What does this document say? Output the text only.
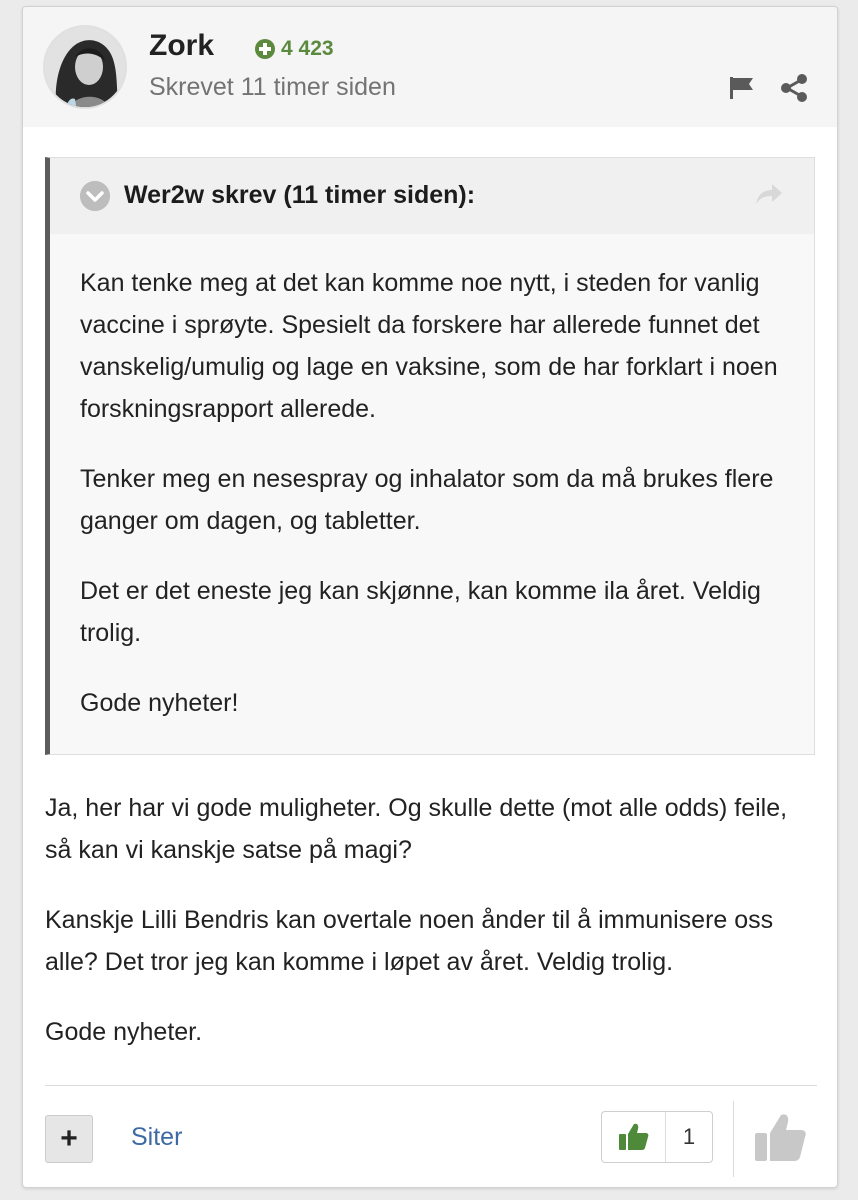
Zork	4 423
Skrevet 11 timer siden
Wer2w skrev (11 timer siden):

Kan tenke meg at det kan komme noe nytt, i steden for vanlig vaccine i sprøyte. Spesielt da forskere har allerede funnet det vanskelig/umulig og lage en vaksine, som de har forklart i noen forskningsrapport allerede.

Tenker meg en nesespray og inhalator som da må brukes flere ganger om dagen, og tabletter.

Det er det eneste jeg kan skjønne, kan komme ila året. Veldig trolig.

Gode nyheter!

Ja, her har vi gode muligheter. Og skulle dette (mot alle odds) feile, så kan vi kanskje satse på magi?

Kanskje Lilli Bendris kan overtale noen ånder til å immunisere oss alle? Det tror jeg kan komme i løpet av året. Veldig trolig.

Gode nyheter.

+	Siter	1
